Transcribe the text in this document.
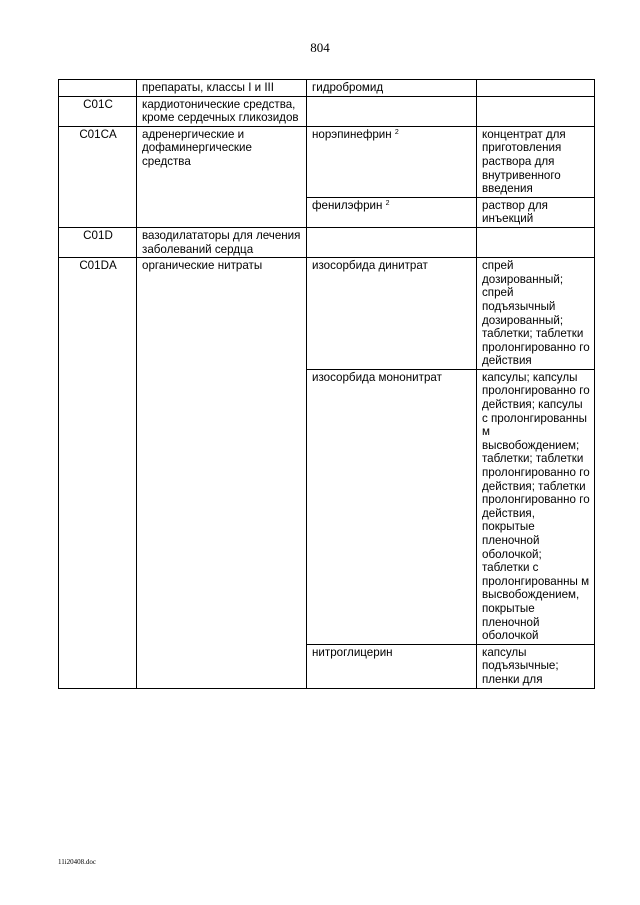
804
	препараты, классы I и III	гидробромид	
C01C	кардиотонические средства, кроме сердечных гликозидов		
C01CA	адренергические и дофаминергические средства	норэпинефрин $^2$	концентрат для приготовления раствора для внутривенного введения
		фенилэфрин $^2$	раствор для инъекций
C01D	вазодилататоры для лечения заболеваний сердца		
C01DA	органические нитраты	изосорбида динитрат	спрей дозированный; спрей подъязычный дозированный; таблетки; таблетки пролонгированно го действия
		изосорбида мононитрат	капсулы; капсулы пролонгированно го действия; капсулы с пролонгированны м высвобождением; таблетки; таблетки пролонгированно го действия; таблетки пролонгированно го действия, покрытые пленочной оболочкой; таблетки с пролонгированны м высвобождением, покрытые пленочной оболочкой
		нитроглицерин	капсулы подъязычные; пленки для
11i20408.doc
